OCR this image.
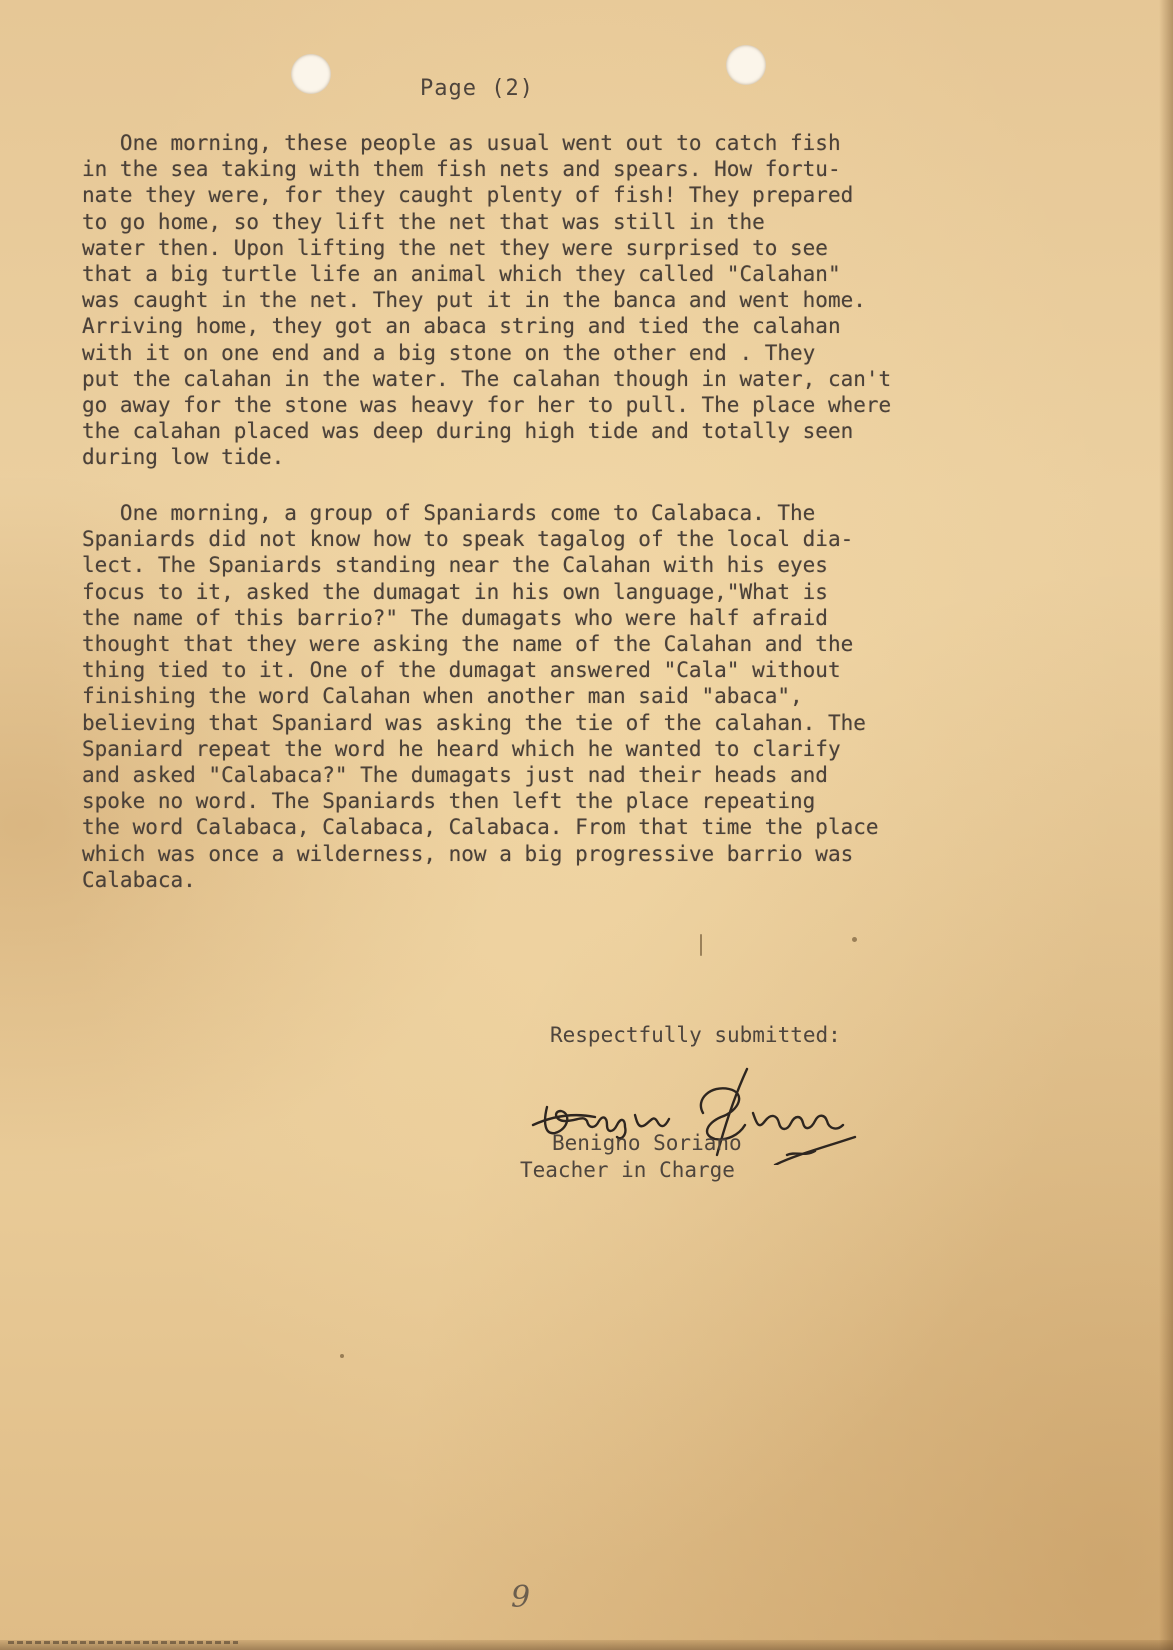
Page (2)
One morning, these people as usual went out to catch fish
in the sea taking with them fish nets and spears. How fortu-
nate they were, for they caught plenty of fish! They prepared
to go home, so they lift the net that was still in the
water then. Upon lifting the net they were surprised to see
that a big turtle life an animal which they called "Calahan"
was caught in the net. They put it in the banca and went home.
Arriving home, they got an abaca string and tied the calahan
with it on one end and a big stone on the other end . They
put the calahan in the water. The calahan though in water, can't
go away for the stone was heavy for her to pull. The place where
the calahan placed was deep during high tide and totally seen
during low tide.
One morning, a group of Spaniards come to Calabaca. The
Spaniards did not know how to speak tagalog of the local dia-
lect. The Spaniards standing near the Calahan with his eyes
focus to it, asked the dumagat in his own language,"What is
the name of this barrio?" The dumagats who were half afraid
thought that they were asking the name of the Calahan and the
thing tied to it. One of the dumagat answered "Cala" without
finishing the word Calahan when another man said "abaca",
believing that Spaniard was asking the tie of the calahan. The
Spaniard repeat the word he heard which he wanted to clarify
and asked "Calabaca?" The dumagats just nad their heads and
spoke no word. The Spaniards then left the place repeating
the word Calabaca, Calabaca, Calabaca. From that time the place
which was once a wilderness, now a big progressive barrio was
Calabaca.
Respectfully submitted:
Benigno Soriano
Teacher in Charge
9
